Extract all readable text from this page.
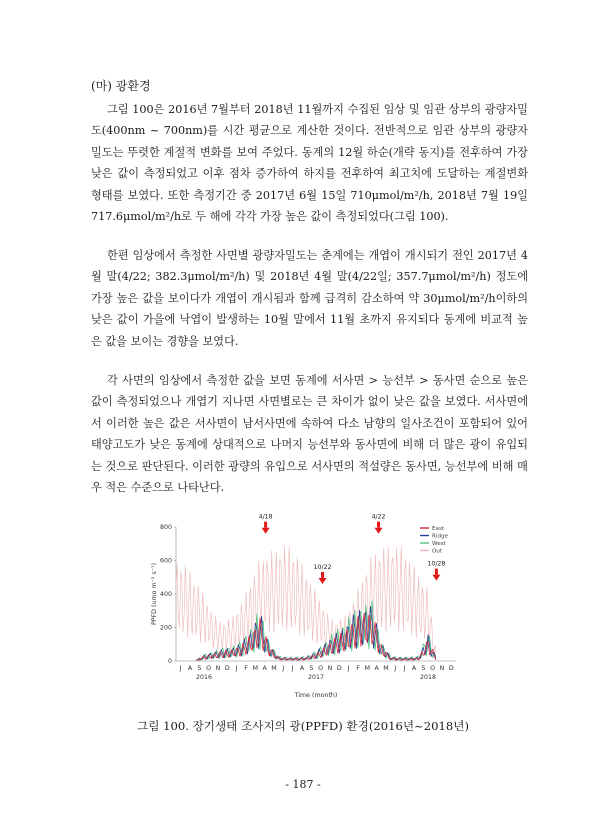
(마) 광환경

그림 100은 2016년 7월부터 2018년 11월까지 수집된 임상 및 임관 상부의 광량자밀도(400nm ~ 700nm)를 시간 평균으로 계산한 것이다. 전반적으로 임관 상부의 광량자 밀도는 뚜렷한 계절적 변화를 보여 주었다. 동계의 12월 하순(개략 동지)를 전후하여 가장 낮은 값이 측정되었고 이후 점차 증가하여 하지를 전후하여 최고치에 도달하는 계절변화 형태를 보였다. 또한 측정기간 중 2017년 6월 15일 710μmol/m²/h, 2018년 7월 19일 717.6μmol/m²/h로 두 해에 각각 가장 높은 값이 측정되었다(그림 100).

한편 임상에서 측정한 사면별 광량자밀도는 춘계에는 개엽이 개시되기 전인 2017년 4월 말(4/22; 382.3μmol/m²/h) 및 2018년 4월 말(4/22일; 357.7μmol/m²/h) 정도에 가장 높은 값을 보이다가 개엽이 개시됨과 함께 급격히 감소하여 약 30μmol/m²/h이하의 낮은 값이 가을에 낙엽이 발생하는 10월 말에서 11월 초까지 유지되다 동계에 비교적 높은 값을 보이는 경향을 보였다.

각 사면의 임상에서 측정한 값을 보면 동계에 서사면 > 능선부 > 동사면 순으로 높은 값이 측정되었으나 개엽기 지나면 사면별로는 큰 차이가 없이 낮은 값을 보였다. 서사면에서 이러한 높은 값은 서사면이 남서사면에 속하여 다소 남향의 일사조건이 포함되어 있어 태양고도가 낮은 동계에 상대적으로 나머지 능선부와 동사면에 비해 더 많은 광이 유입되는 것으로 판단된다. 이러한 광량의 유입으로 서사면의 적설량은 동사면, 능선부에 비해 매우 적은 수준으로 나타난다.

0
200
400
600
800
PPFD (umo m⁻² s⁻¹)
J A S O N D J F M A M J J A S O N D J F M A M J J A S O N D
2016	2017	2018
Time (month)
4/18
10/22
4/22
10/28
East
Ridge
West
Out
그림 100. 장기생태 조사지의 광(PPFD) 환경(2016년~2018년)
- 187 -
